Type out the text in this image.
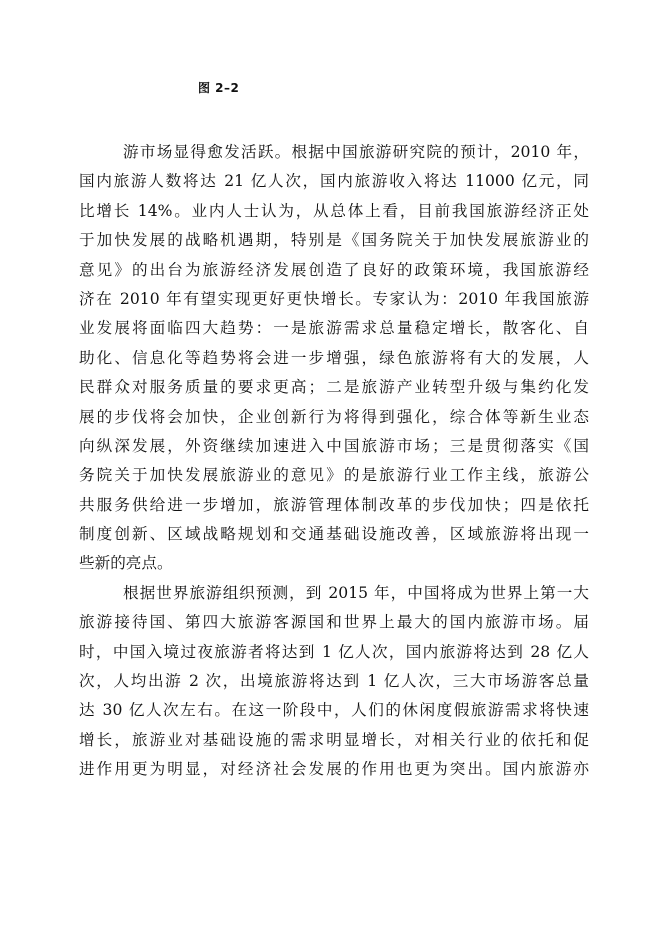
图 2–2
游市场显得愈发活跃。根据中国旅游研究院的预计，2010 年，
国内旅游人数将达 21 亿人次，国内旅游收入将达 11000 亿元，同
比增长 14%。业内人士认为，从总体上看，目前我国旅游经济正处
于加快发展的战略机遇期，特别是《国务院关于加快发展旅游业的
意见》的出台为旅游经济发展创造了良好的政策环境，我国旅游经
济在 2010 年有望实现更好更快增长。专家认为：2010 年我国旅游
业发展将面临四大趋势：一是旅游需求总量稳定增长，散客化、自
助化、信息化等趋势将会进一步增强，绿色旅游将有大的发展，人
民群众对服务质量的要求更高；二是旅游产业转型升级与集约化发
展的步伐将会加快，企业创新行为将得到强化，综合体等新生业态
向纵深发展，外资继续加速进入中国旅游市场；三是贯彻落实《国
务院关于加快发展旅游业的意见》的是旅游行业工作主线，旅游公
共服务供给进一步增加，旅游管理体制改革的步伐加快；四是依托
制度创新、区域战略规划和交通基础设施改善，区域旅游将出现一
些新的亮点。
根据世界旅游组织预测，到 2015 年，中国将成为世界上第一大
旅游接待国、第四大旅游客源国和世界上最大的国内旅游市场。届
时，中国入境过夜旅游者将达到 1 亿人次，国内旅游将达到 28 亿人
次，人均出游 2 次，出境旅游将达到 1 亿人次，三大市场游客总量
达 30 亿人次左右。在这一阶段中，人们的休闲度假旅游需求将快速
增长，旅游业对基础设施的需求明显增长，对相关行业的依托和促
进作用更为明显，对经济社会发展的作用也更为突出。国内旅游亦
